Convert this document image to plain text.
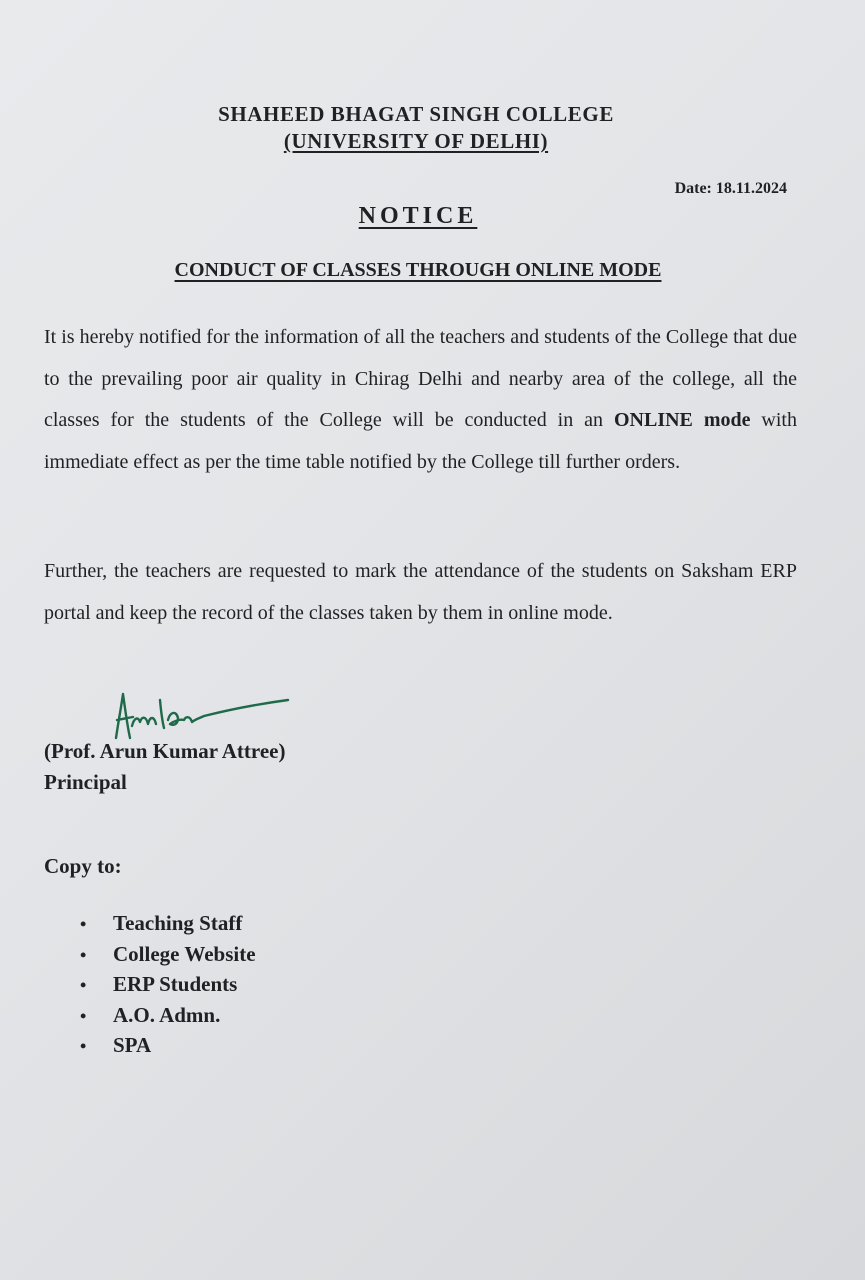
SHAHEED BHAGAT SINGH COLLEGE
(UNIVERSITY OF DELHI)
Date: 18.11.2024
NOTICE
CONDUCT OF CLASSES THROUGH ONLINE MODE
It is hereby notified for the information of all the teachers and students of the College that due to the prevailing poor air quality in Chirag Delhi and nearby area of the college, all the classes for the students of the College will be conducted in an ONLINE mode with immediate effect as per the time table notified by the College till further orders.
Further, the teachers are requested to mark the attendance of the students on Saksham ERP portal and keep the record of the classes taken by them in online mode.
(Prof. Arun Kumar Attree)
Principal
Copy to:
• Teaching Staff
• College Website
• ERP Students
• A.O. Admn.
• SPA
